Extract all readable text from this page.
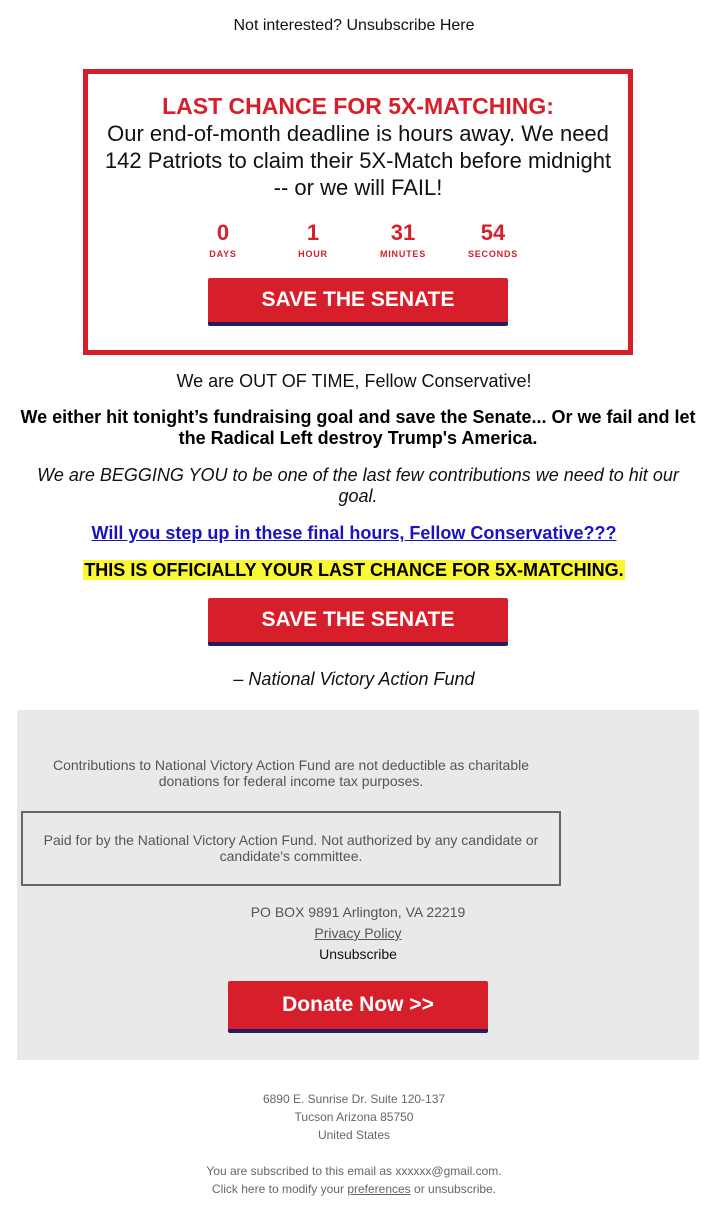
Not interested? Unsubscribe Here
LAST CHANCE FOR 5X-MATCHING:
Our end-of-month deadline is hours away. We need 142 Patriots to claim their 5X-Match before midnight -- or we will FAIL!
0
DAYS
1
HOUR
31
MINUTES
54
SECONDS
SAVE THE SENATE
We are OUT OF TIME, Fellow Conservative!
We either hit tonight’s fundraising goal and save the Senate... Or we fail and let the Radical Left destroy Trump's America.
We are BEGGING YOU to be one of the last few contributions we need to hit our goal.
Will you step up in these final hours, Fellow Conservative???
THIS IS OFFICIALLY YOUR LAST CHANCE FOR 5X-MATCHING.
SAVE THE SENATE
– National Victory Action Fund
Contributions to National Victory Action Fund are not deductible as charitable donations for federal income tax purposes.
Paid for by the National Victory Action Fund. Not authorized by any candidate or candidate's committee.
PO BOX 9891 Arlington, VA 22219
Privacy Policy
Unsubscribe
Donate Now >>
6890 E. Sunrise Dr. Suite 120-137
Tucson Arizona 85750
United States
You are subscribed to this email as xxxxxx@gmail.com.
Click here to modify your preferences or unsubscribe.
